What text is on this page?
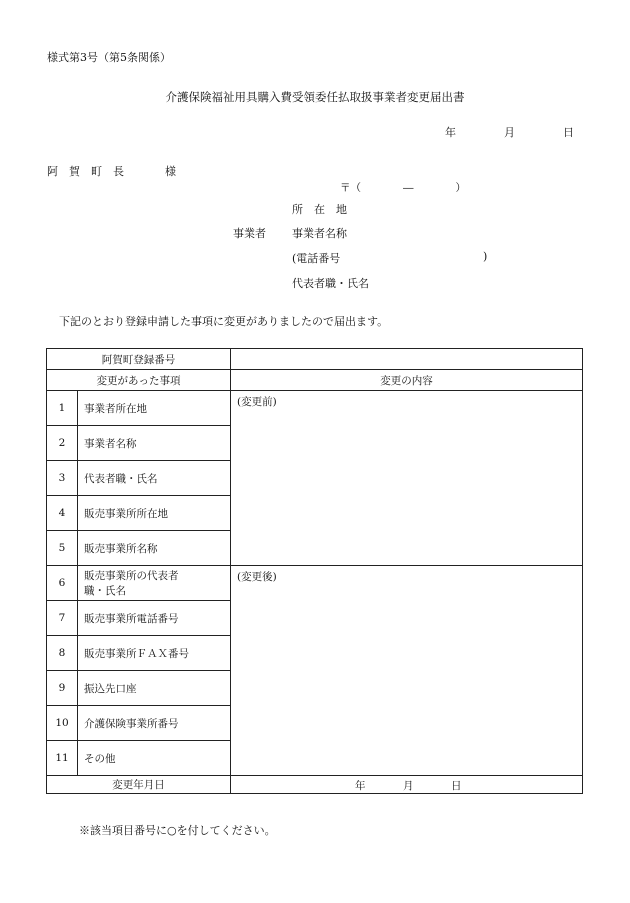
様式第3号（第5条関係）
介護保険福祉用具購入費受領委任払取扱事業者変更届出書
年	月	日
阿　賀　町　長	様
〒（　　　　―　　　　）
所　在　地
事業者 事業者名称
(電話番号	)
代表者職・氏名
下記のとおり登録申請した事項に変更がありましたので届出ます。
阿賀町登録番号		
変更があった事項		変更の内容
1	事業者所在地	(変更前)
2	事業者名称	
3	代表者職・氏名	
4	販売事業所所在地	
5	販売事業所名称	
6	販売事業所の代表者
職・氏名	(変更後)
7	販売事業所電話番号	
8	販売事業所ＦＡＸ番号	
9	振込先口座	
10	介護保険事業所番号	
11	その他	
変更年月日		年 月 日
※該当項目番号に○を付してください。
